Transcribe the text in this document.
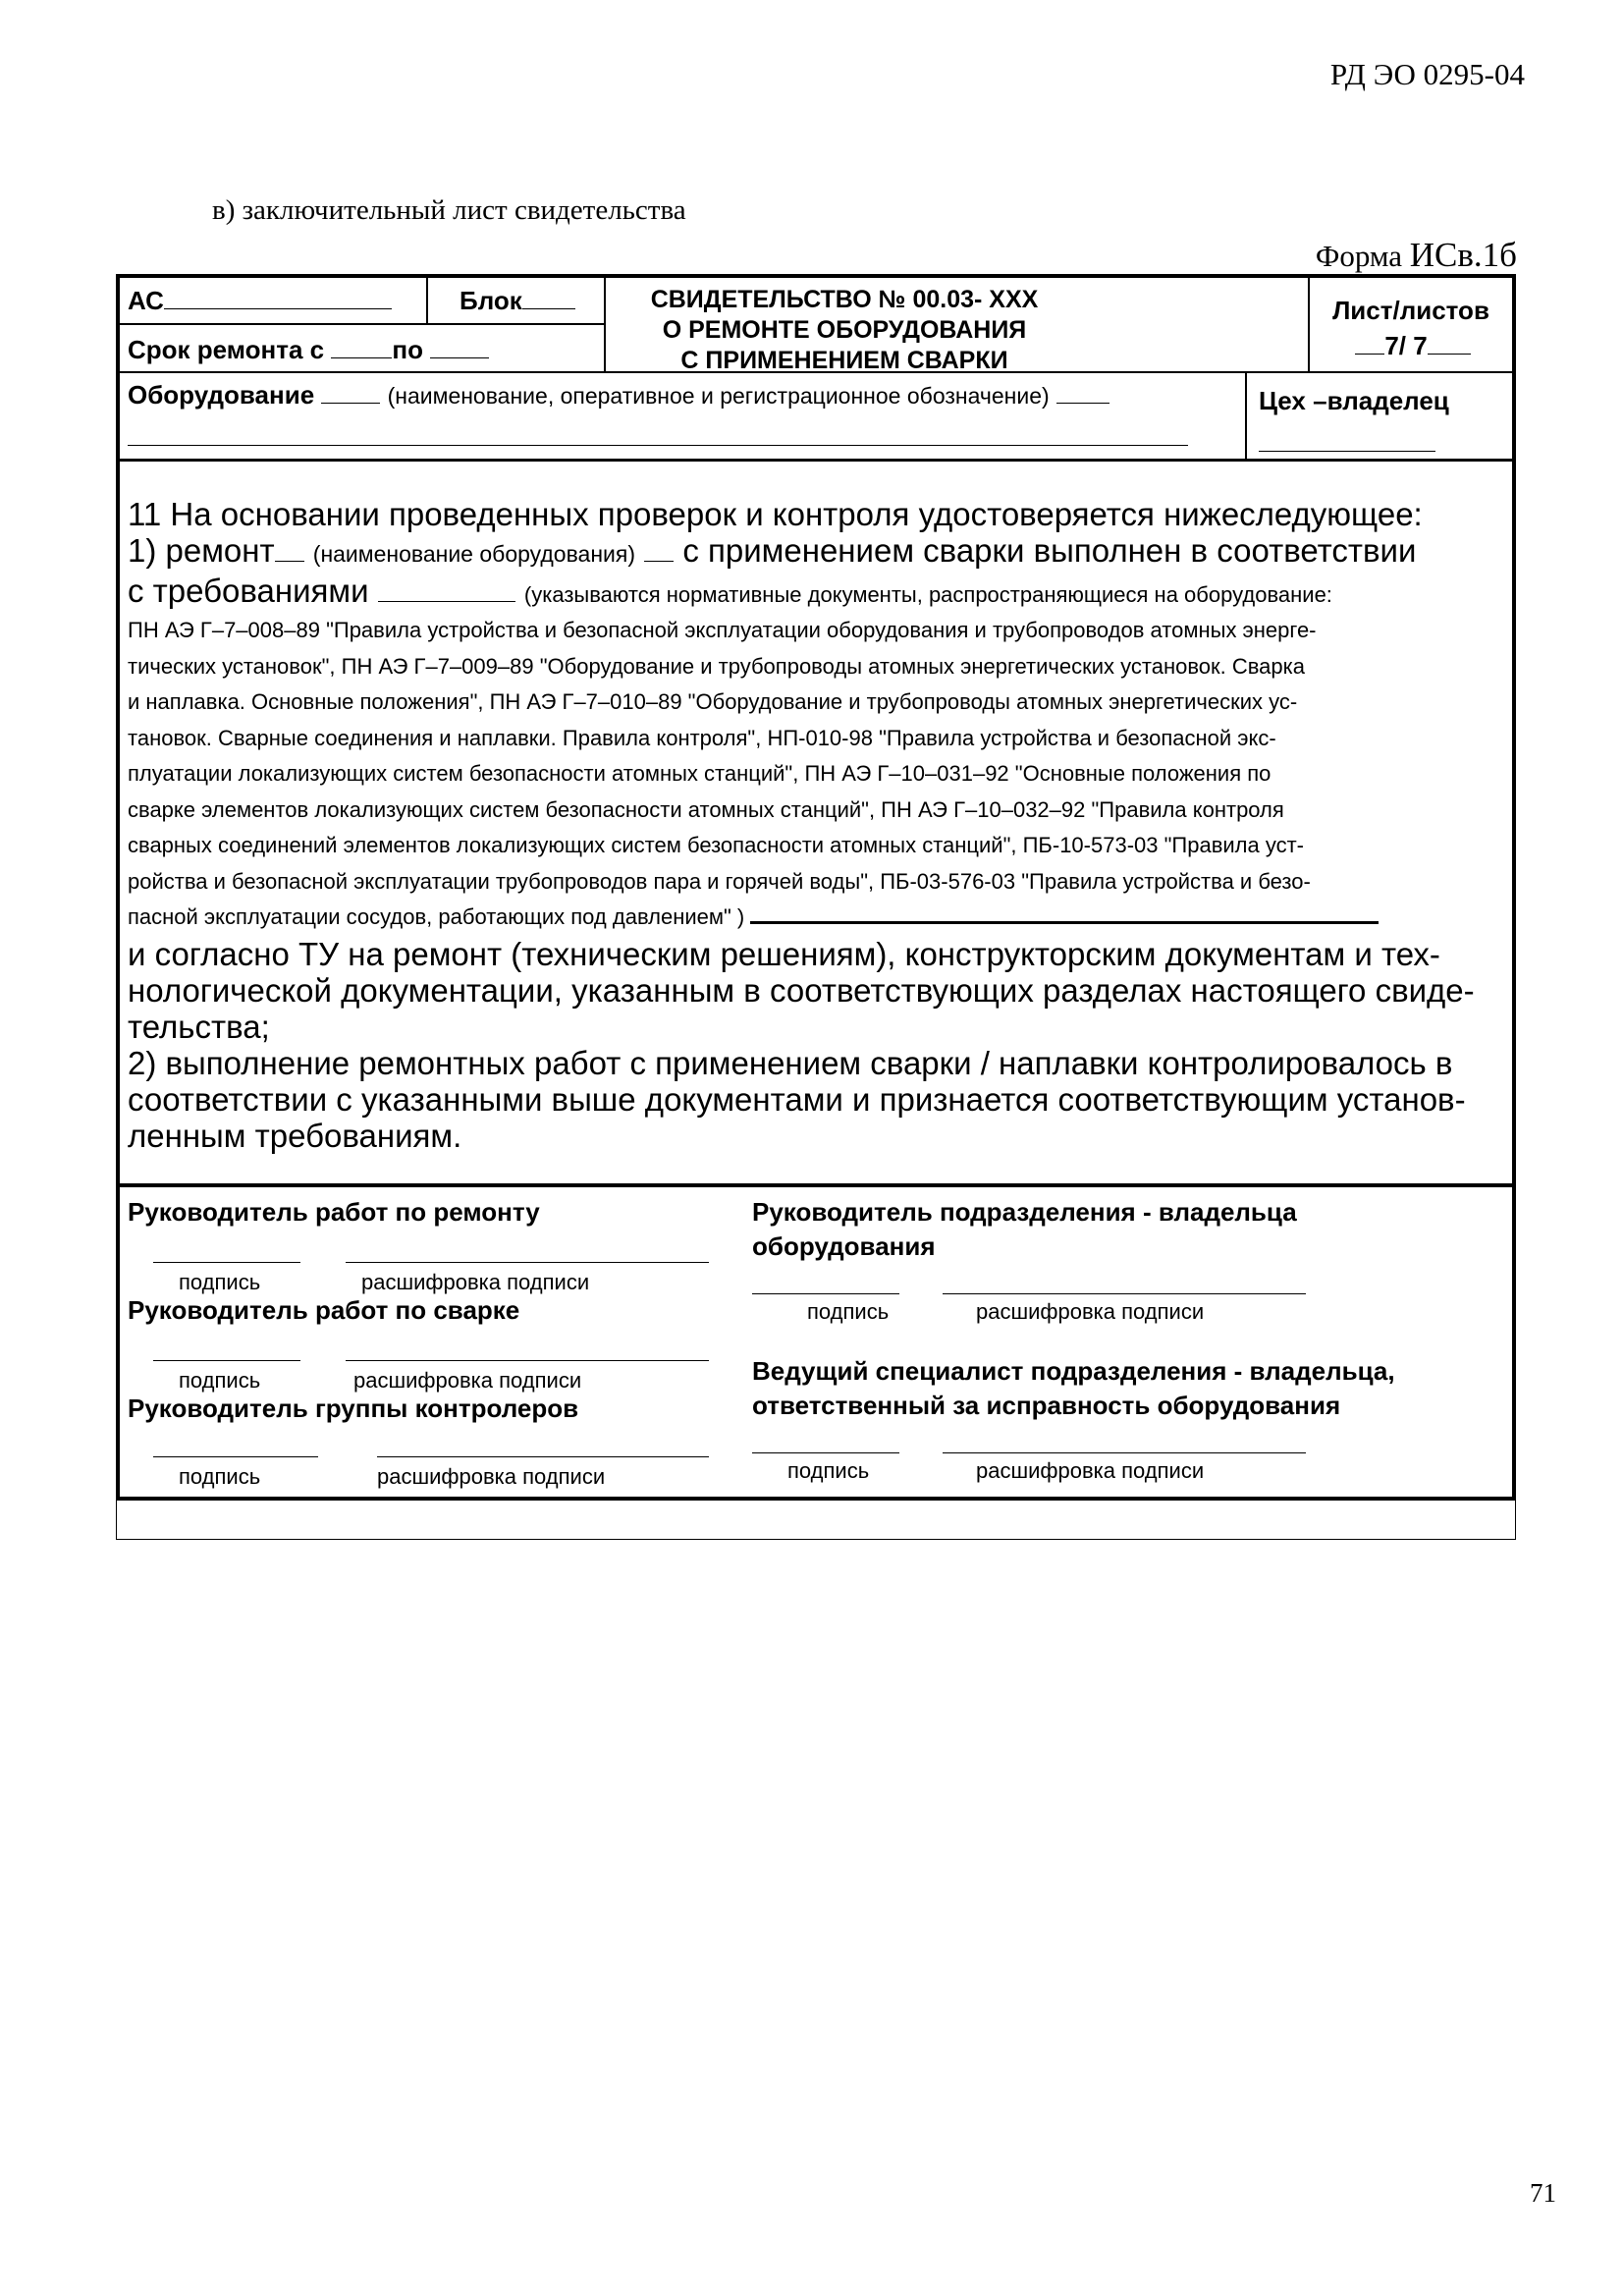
РД ЭО 0295-04
в) заключительный лист свидетельства
Форма ИСв.1б
АС	Блок
Срок ремонта с	по
СВИДЕТЕЛЬСТВО № 00.03- ХХХ
О РЕМОНТЕ ОБОРУДОВАНИЯ
С ПРИМЕНЕНИЕМ СВАРКИ
Лист/листов
7/ 7
Оборудование	(наименование, оперативное и регистрационное обозначение)	Цех –владелец

11 На основании проведенных проверок и контроля удостоверяется нижеследующее:

1) ремонт (наименование оборудования) с применением сварки выполнен в соответствии

с требованиями	(указываются нормативные документы, распространяющиеся на оборудование:

ПН АЭ Г–7–008–89 "Правила устройства и безопасной эксплуатации оборудования и трубопроводов атомных энерге-

тических установок", ПН АЭ Г–7–009–89 "Оборудование и трубопроводы атомных энергетических установок. Сварка

и наплавка. Основные положения", ПН АЭ Г–7–010–89 "Оборудование и трубопроводы атомных энергетических ус-

тановок. Сварные соединения и наплавки. Правила контроля", НП-010-98 "Правила устройства и безопасной экс-

плуатации локализующих систем безопасности атомных станций", ПН АЭ Г–10–031–92 "Основные положения по

сварке элементов локализующих систем безопасности атомных станций", ПН АЭ Г–10–032–92 "Правила контроля

сварных соединений элементов локализующих систем безопасности атомных станций", ПБ-10-573-03 "Правила уст-

ройства и безопасной эксплуатации трубопроводов пара и горячей воды", ПБ-03-576-03 "Правила устройства и безо-

пасной эксплуатации сосудов, работающих под давлением" )

и согласно ТУ на ремонт (техническим решениям), конструкторским документам и тех-

нологической документации, указанным в соответствующих разделах настоящего свиде-

тельства;

2) выполнение ремонтных работ с применением сварки / наплавки контролировалось в

соответствии с указанными выше документами и признается соответствующим установ-

ленным требованиям.

Руководитель работ по ремонту
подпись	расшифровка подписи
Руководитель работ по сварке
подпись	расшифровка подписи
Руководитель группы контролеров
подпись	расшифровка подписи
Руководитель подразделения - владельца
оборудования
подпись	расшифровка подписи
Ведущий специалист подразделения - владельца,
ответственный за исправность оборудования
подпись	расшифровка подписи
71
